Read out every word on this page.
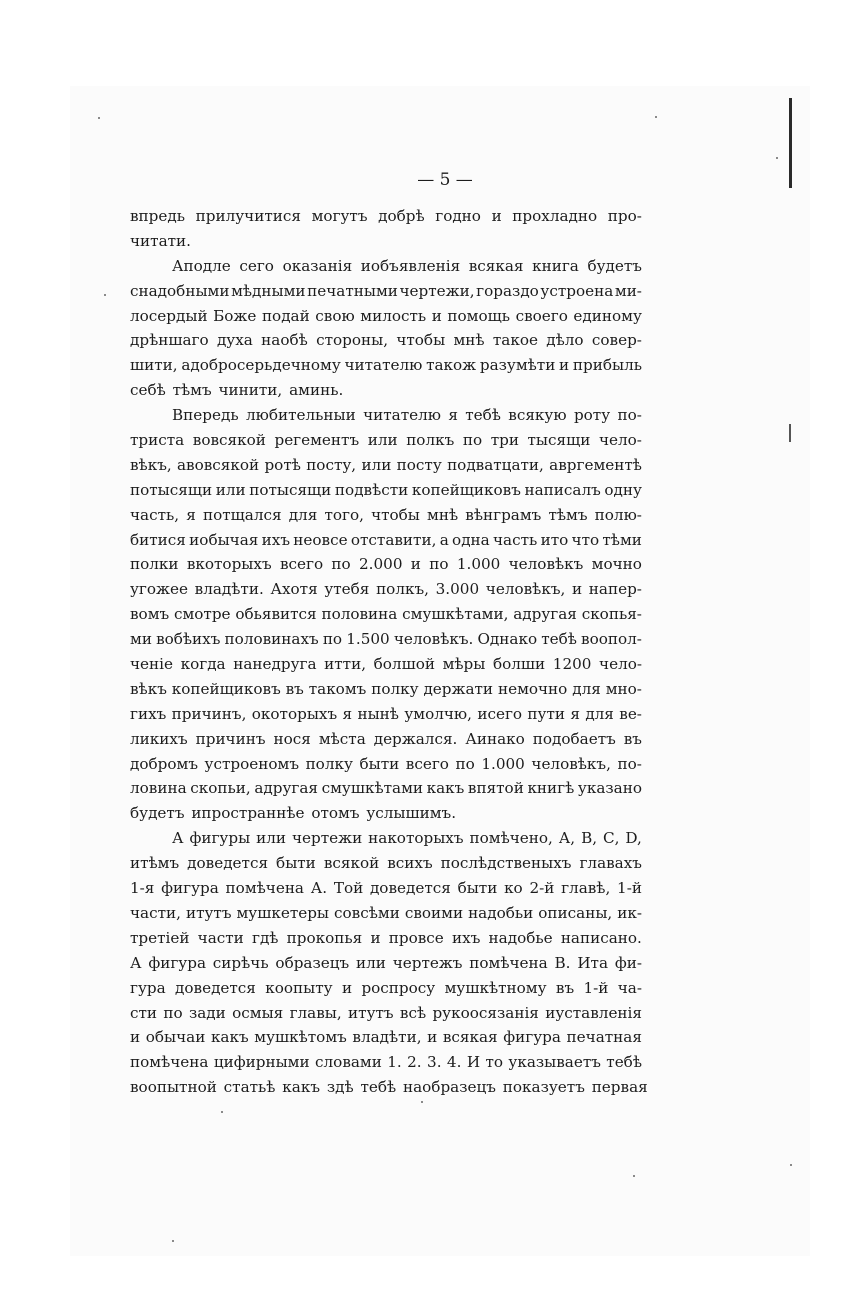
— 5 —
впредь прилучитися могутъ добрѣ годно и прохладно про-
читати.
Аподле сего оказанія иобъявленія всякая книга будетъ
снадобными мѣдными печатными чертежи, гораздо устроена ми-
лосердый Боже подай свою милость и помощь своего единому
дрѣншаго духа наобѣ стороны, чтобы мнѣ такое дѣло совер-
шити, адобросерьдечному читателю також разумѣти и прибыль
себѣ тѣмъ чинити, аминь.
Впередь любительныи читателю я тебѣ всякую роту по-
триста вовсякой регементъ или полкъ по три тысящи чело-
вѣкъ, авовсякой ротѣ посту, или посту подватцати, авргементѣ
потысящи или потысящи подвѣсти копейщиковъ написалъ одну
часть, я потщался для того, чтобы мнѣ вѣнграмъ тѣмъ полю-
битися иобычая ихъ неовсе отставити, а одна часть ито что тѣми
полки вкоторыхъ всего по 2.000 и по 1.000 человѣкъ мочно
угожее владѣти. Ахотя утебя полкъ, 3.000 человѣкъ, и напер-
вомъ смотре обьявится половина смушкѣтами, адругая скопья-
ми вобѣихъ половинахъ по 1.500 человѣкъ. Однако тебѣ воопол-
ченіе когда нанедруга итти, болшой мѣры болши 1200 чело-
вѣкъ копейщиковъ въ такомъ полку держати немочно для мно-
гихъ причинъ, окоторыхъ я нынѣ умолчю, исего пути я для ве-
ликихъ причинъ нося мѣста держался. Аинако подобаетъ въ
добромъ устроеномъ полку быти всего по 1.000 человѣкъ, по-
ловина скопьи, адругая смушкѣтами какъ впятой книгѣ указано
будетъ ипространнѣе отомъ услышимъ.
А фигуры или чертежи накоторыхъ помѣчено, А, В, С, D,
итѣмъ доведется быти всякой всихъ послѣдственыхъ главахъ
1-я фигура помѣчена А. Той доведется быти ко 2-й главѣ, 1-й
части, итутъ мушкетеры совсѣми своими надобьи описаны, ик-
третіей части гдѣ прокопья и провсе ихъ надобье написано.
А фигура сирѣчь образецъ или чертежъ помѣчена В. Ита фи-
гура доведется коопыту и роспросу мушкѣтному въ 1-й ча-
сти по зади осмыя главы, итутъ всѣ рукоосязанія иуставленія
и обычаи какъ мушкѣтомъ владѣти, и всякая фигура печатная
помѣчена цифирными словами 1. 2. 3. 4. И то указываетъ тебѣ
воопытной статьѣ какъ здѣ тебѣ наобразецъ показуетъ первая
